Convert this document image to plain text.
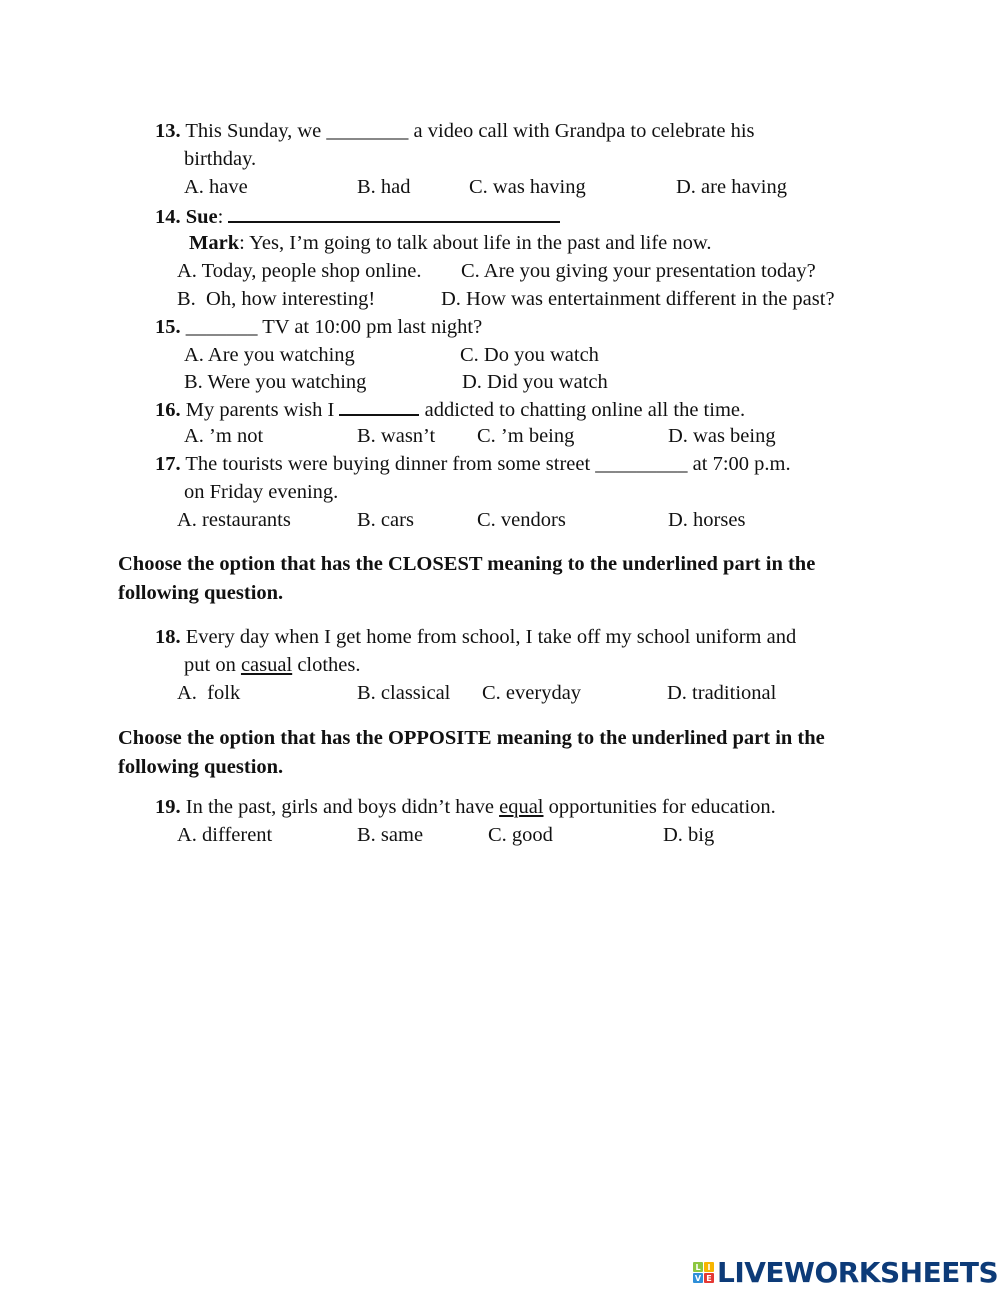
13. This Sunday, we ________ a video call with Grandpa to celebrate his
birthday.
A. have	B. had	C. was having	D. are having
14. Sue:
Mark: Yes, I’m going to talk about life in the past and life now.
A. Today, people shop online. C. Are you giving your presentation today?
B.  Oh, how interesting!	D. How was entertainment different in the past?
15. _______ TV at 10:00 pm last night?
A. Are you watching	C. Do you watch
B. Were you watching	D. Did you watch
16. My parents wish I	addicted to chatting online all the time.
A. ’m not	B. wasn’t C. ’m being	D. was being
17. The tourists were buying dinner from some street _________ at 7:00 p.m.
on Friday evening.
A. restaurants	B. cars	C. vendors	D. horses
Choose the option that has the CLOSEST meaning to the underlined part in the following question.
18. Every day when I get home from school, I take off my school uniform and
put on casual clothes.
A.  folk	B. classical C. everyday	D. traditional
Choose the option that has the OPPOSITE meaning to the underlined part in the following question.
19. In the past, girls and boys didn’t have equal opportunities for education.
A. different	B. same	C. good	D. big
L I
V E LIVEWORKSHEETS
